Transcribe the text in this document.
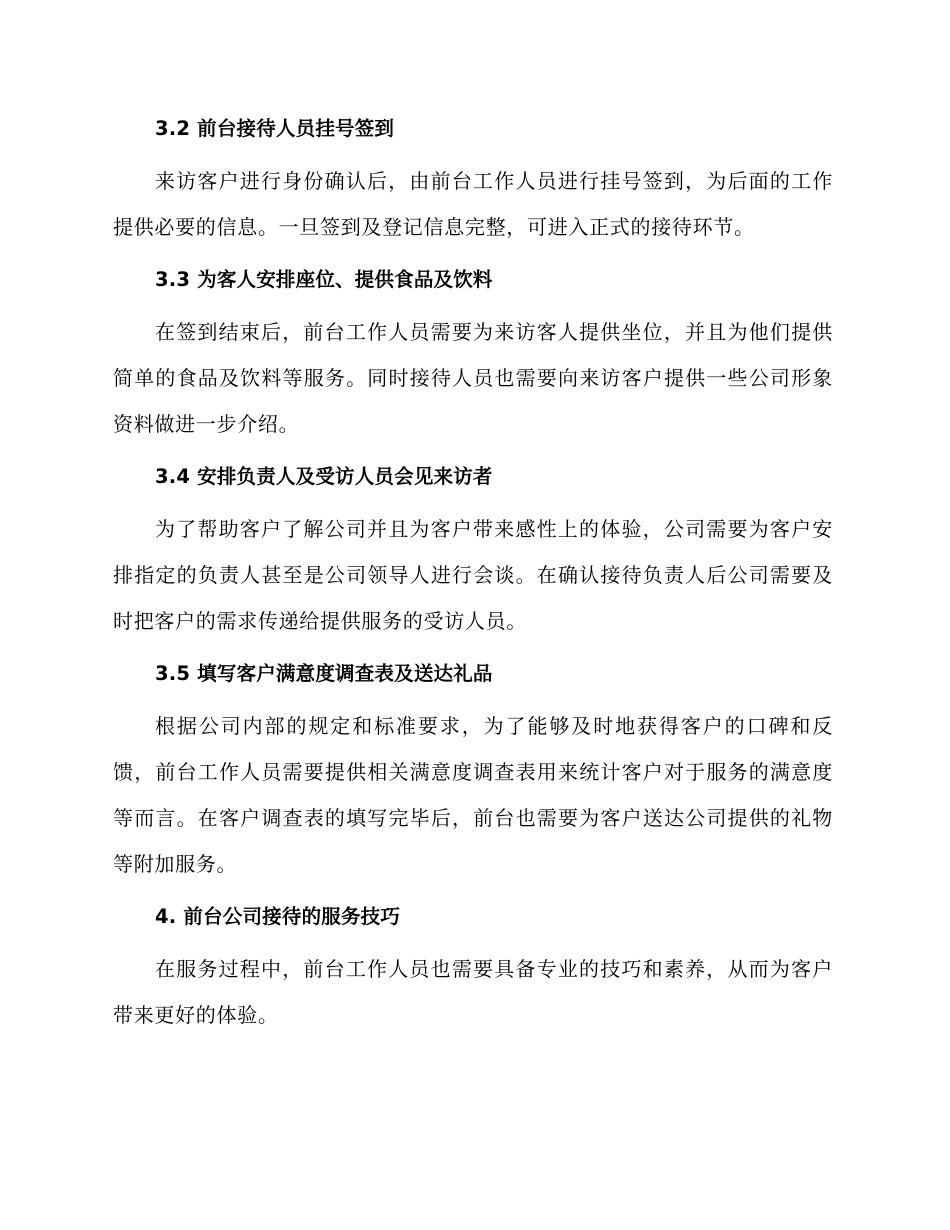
3.2 前台接待人员挂号签到

来访客户进行身份确认后，由前台工作人员进行挂号签到，为后面的工作提供必要的信息。一旦签到及登记信息完整，可进入正式的接待环节。

3.3 为客人安排座位、提供食品及饮料

在签到结束后，前台工作人员需要为来访客人提供坐位，并且为他们提供简单的食品及饮料等服务。同时接待人员也需要向来访客户提供一些公司形象资料做进一步介绍。

3.4 安排负责人及受访人员会见来访者

为了帮助客户了解公司并且为客户带来感性上的体验，公司需要为客户安排指定的负责人甚至是公司领导人进行会谈。在确认接待负责人后公司需要及时把客户的需求传递给提供服务的受访人员。

3.5 填写客户满意度调查表及送达礼品

根据公司内部的规定和标准要求，为了能够及时地获得客户的口碑和反馈，前台工作人员需要提供相关满意度调查表用来统计客户对于服务的满意度等而言。在客户调查表的填写完毕后，前台也需要为客户送达公司提供的礼物等附加服务。

4. 前台公司接待的服务技巧

在服务过程中，前台工作人员也需要具备专业的技巧和素养，从而为客户带来更好的体验。
